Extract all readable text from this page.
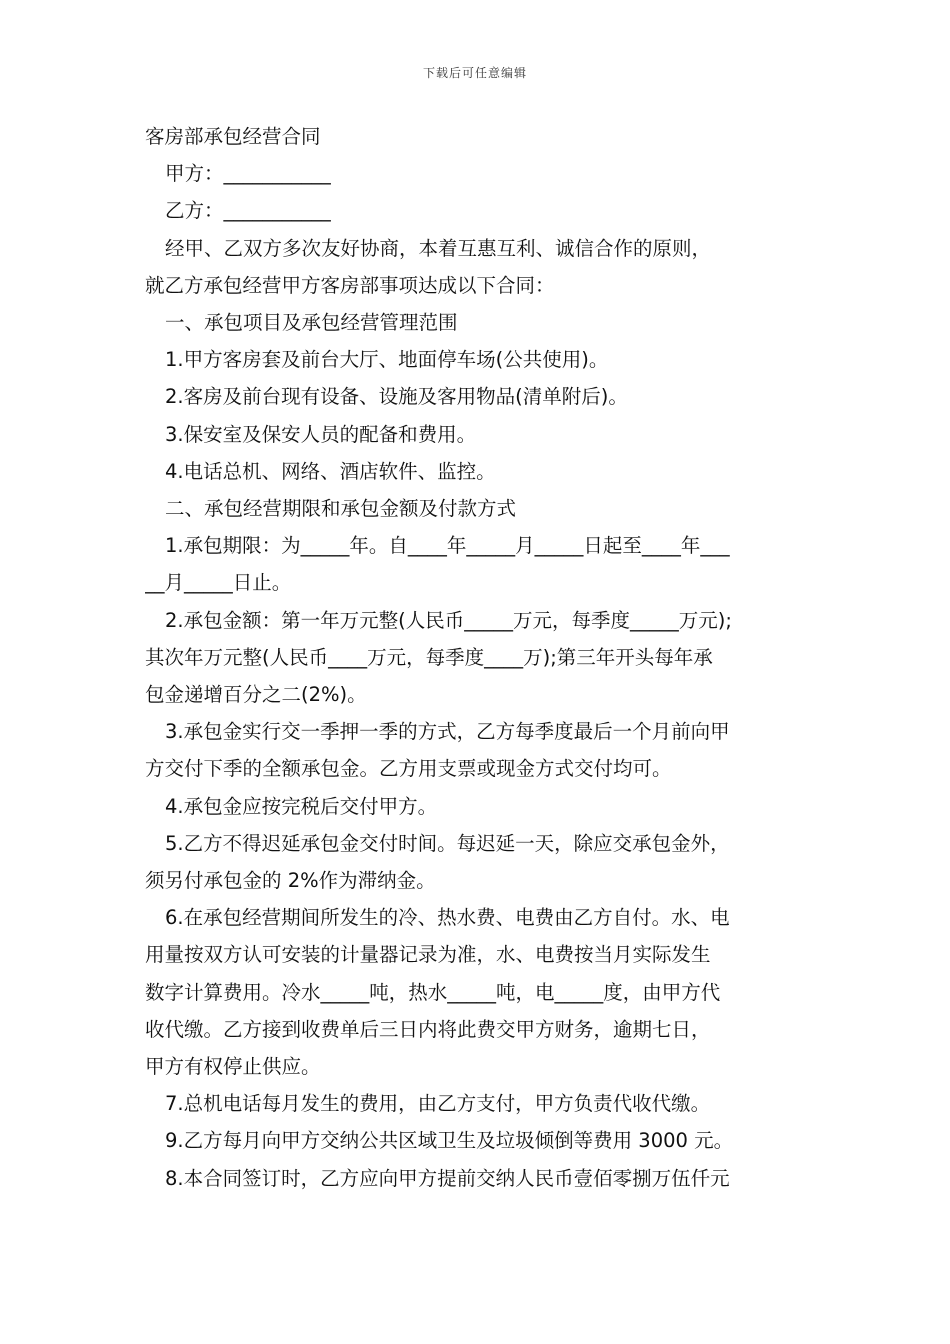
下载后可任意编辑

客房部承包经营合同

甲方：___________

乙方：___________

经甲、乙双方多次友好协商，本着互惠互利、诚信合作的原则，

就乙方承包经营甲方客房部事项达成以下合同：

一、承包项目及承包经营管理范围

1.甲方客房套及前台大厅、地面停车场(公共使用)。

2.客房及前台现有设备、设施及客用物品(清单附后)。

3.保安室及保安人员的配备和费用。

4.电话总机、网络、酒店软件、监控。

二、承包经营期限和承包金额及付款方式

1.承包期限：为_____年。自____年_____月_____日起至____年___

__月_____日止。

2.承包金额：第一年万元整(人民币_____万元，每季度_____万元);

其次年万元整(人民币____万元，每季度____万);第三年开头每年承

包金递增百分之二(2%)。

3.承包金实行交一季押一季的方式，乙方每季度最后一个月前向甲

方交付下季的全额承包金。乙方用支票或现金方式交付均可。

4.承包金应按完税后交付甲方。

5.乙方不得迟延承包金交付时间。每迟延一天，除应交承包金外，

须另付承包金的 2%作为滞纳金。

6.在承包经营期间所发生的冷、热水费、电费由乙方自付。水、电

用量按双方认可安装的计量器记录为准，水、电费按当月实际发生

数字计算费用。冷水_____吨，热水_____吨，电_____度，由甲方代

收代缴。乙方接到收费单后三日内将此费交甲方财务，逾期七日，

甲方有权停止供应。

7.总机电话每月发生的费用，由乙方支付，甲方负责代收代缴。

9.乙方每月向甲方交纳公共区域卫生及垃圾倾倒等费用 3000 元。

8.本合同签订时，乙方应向甲方提前交纳人民币壹佰零捌万伍仟元
